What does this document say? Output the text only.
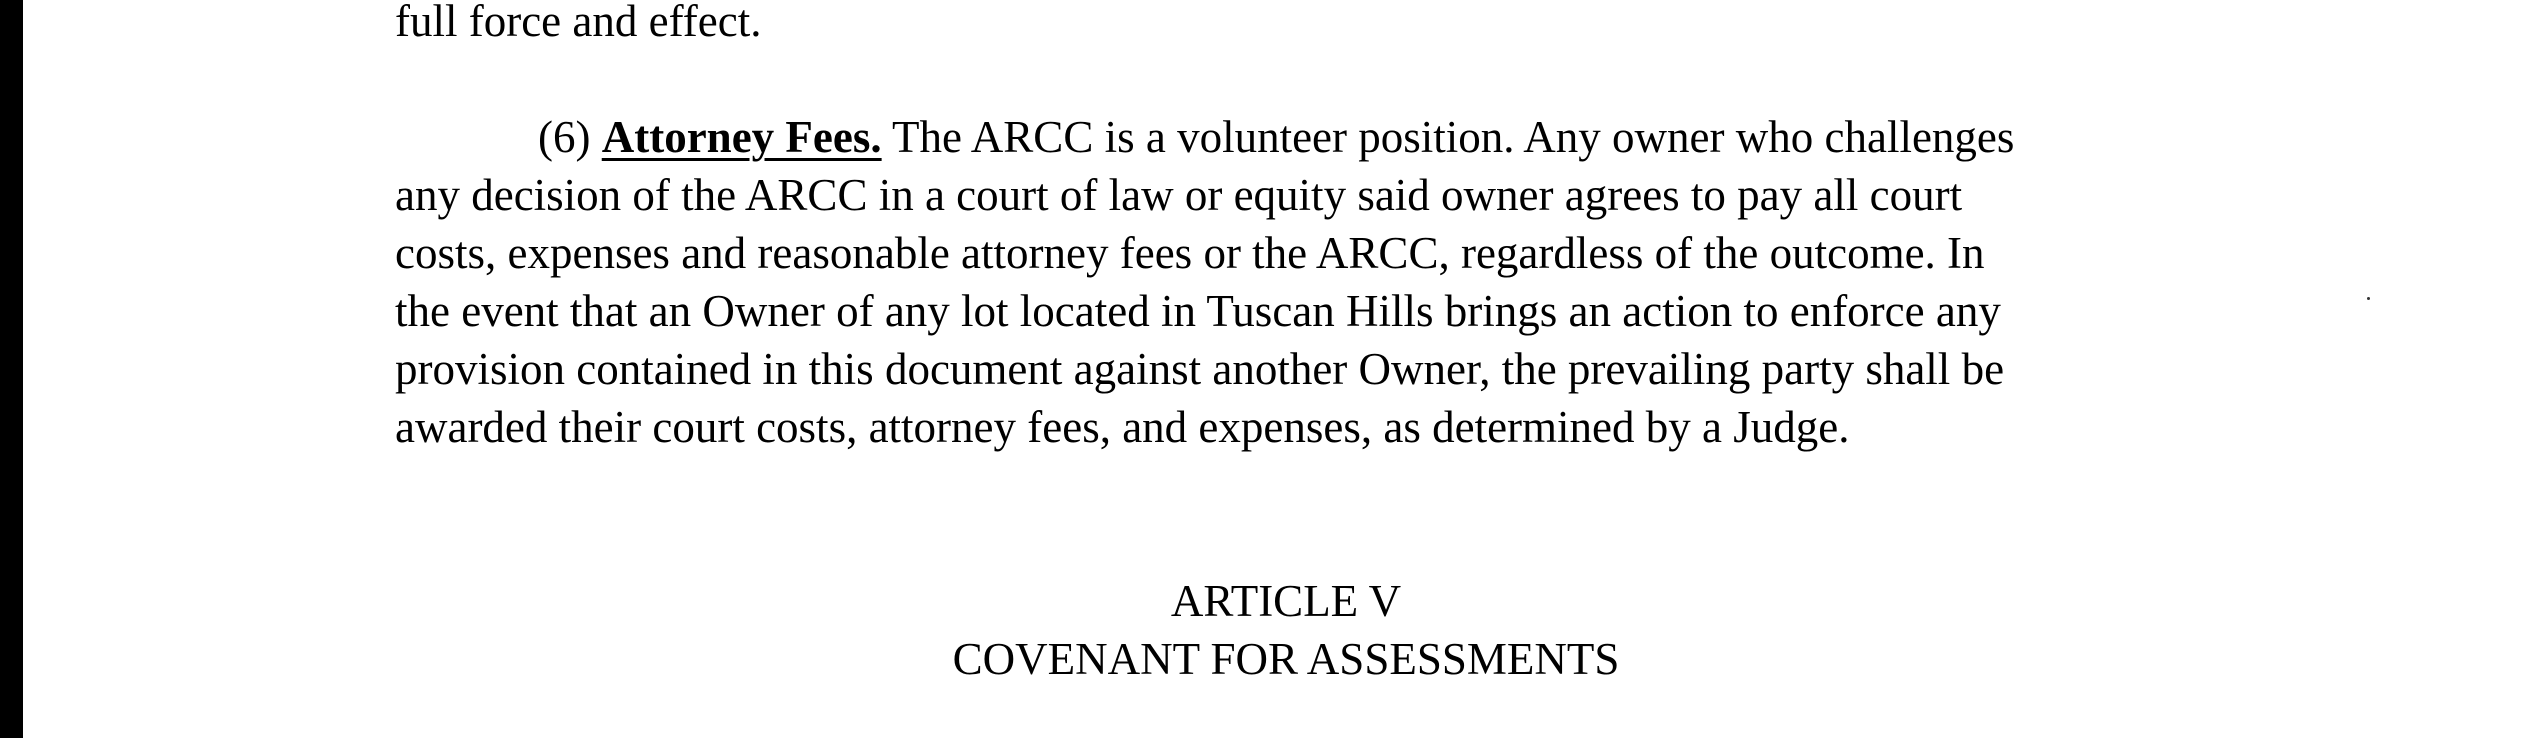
full force and effect.
(6) Attorney Fees. The ARCC is a volunteer position. Any owner who challenges
any decision of the ARCC in a court of law or equity said owner agrees to pay all court
costs, expenses and reasonable attorney fees or the ARCC, regardless of the outcome. In
the event that an Owner of any lot located in Tuscan Hills brings an action to enforce any
provision contained in this document against another Owner, the prevailing party shall be
awarded their court costs, attorney fees, and expenses, as determined by a Judge.
ARTICLE V
COVENANT FOR ASSESSMENTS
